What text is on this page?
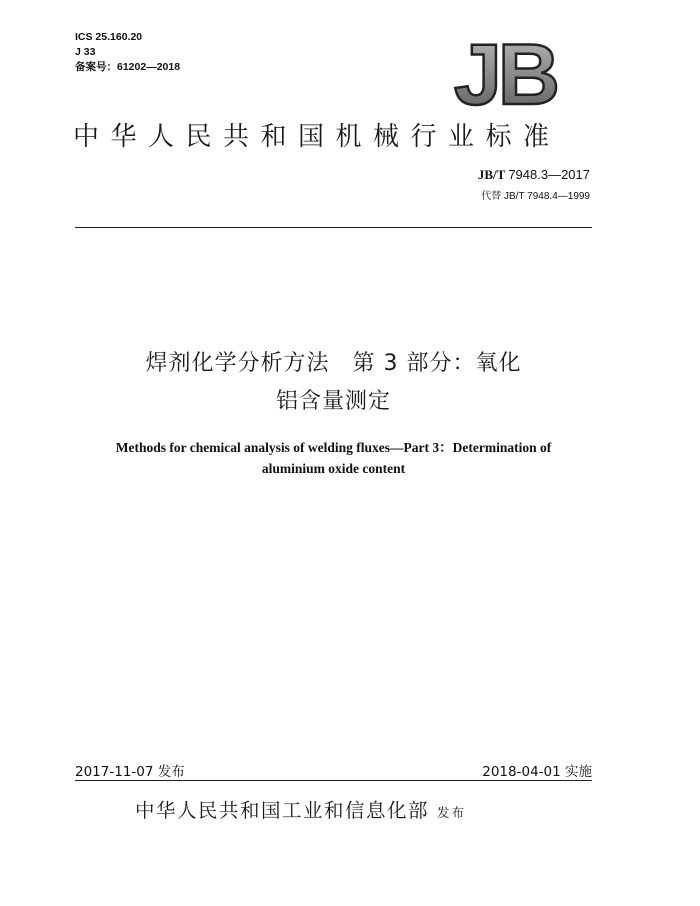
ICS 25.160.20
J 33
备案号：61202—2018	JB
中华人民共和国机械行业标准
JB/T 7948.3—2017
代替 JB/T 7948.4—1999
焊剂化学分析方法　第 3 部分：氧化
铝含量测定
Methods for chemical analysis of welding fluxes—Part 3：Determination of
aluminium oxide content
2017-11-07 发布	2018-04-01 实施
中华人民共和国工业和信息化部 发布
